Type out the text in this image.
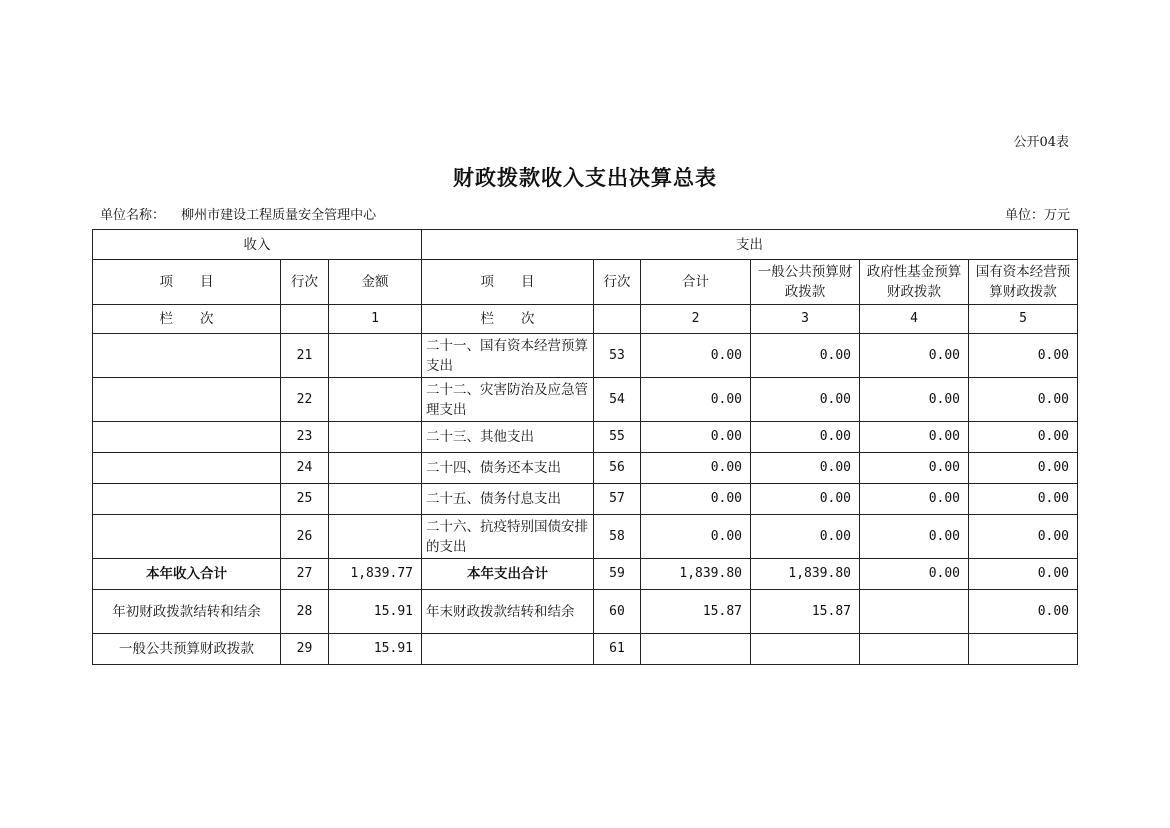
公开04表
财政拨款收入支出决算总表
单位名称： 柳州市建设工程质量安全管理中心	单位：万元
收入			支出					
项　　目	行次	金额	项　　目	行次	合计	一般公共预算财政拨款	政府性基金预算财政拨款	国有资本经营预算财政拨款
栏　　次		1	栏　　次		2	3	4	5
	21		二十一、国有资本经营预算支出	53	0.00	0.00	0.00	0.00
	22		二十二、灾害防治及应急管理支出	54	0.00	0.00	0.00	0.00
	23		二十三、其他支出	55	0.00	0.00	0.00	0.00
	24		二十四、债务还本支出	56	0.00	0.00	0.00	0.00
	25		二十五、债务付息支出	57	0.00	0.00	0.00	0.00
	26		二十六、抗疫特别国债安排的支出	58	0.00	0.00	0.00	0.00
本年收入合计	27	1,839.77	本年支出合计	59	1,839.80	1,839.80	0.00	0.00
年初财政拨款结转和结余	28	15.91	年末财政拨款结转和结余	60	15.87	15.87		0.00
一般公共预算财政拨款	29	15.91		61				
